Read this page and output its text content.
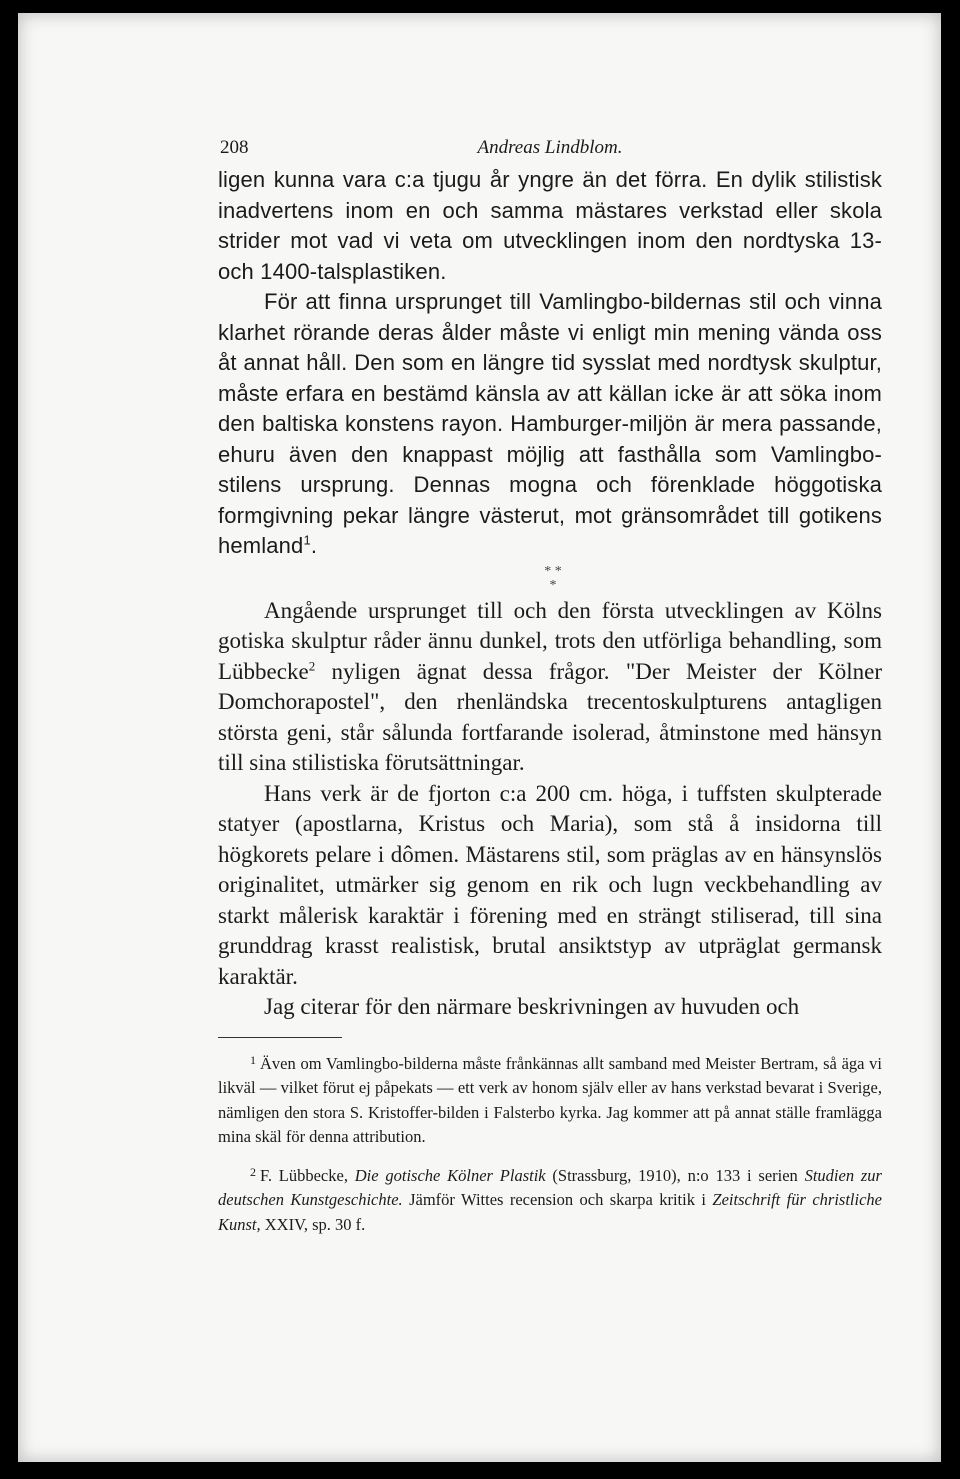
208	Andreas Lindblom.

ligen kunna vara c:a tjugu år yngre än det förra. En dylik stilistisk inadvertens inom en och samma mästares verkstad eller skola strider mot vad vi veta om utvecklingen inom den nordtyska 13- och 1400-talsplastiken.

För att finna ursprunget till Vamlingbo-bildernas stil och vinna klarhet rörande deras ålder måste vi enligt min mening vända oss åt annat håll. Den som en längre tid sysslat med nordtysk skulptur, måste erfara en bestämd känsla av att källan icke är att söka inom den baltiska konstens rayon. Hamburger-miljön är mera passande, ehuru även den knappast möjlig att fasthålla som Vamlingbo-stilens ursprung. Dennas mogna och förenklade höggotiska formgivning pekar längre västerut, mot gränsområdet till gotikens hemland$^1$.

* *
*

Angående ursprunget till och den första utvecklingen av Kölns gotiska skulptur råder ännu dunkel, trots den utförliga behandling, som Lübbecke$^2$ nyligen ägnat dessa frågor. "Der Meister der Kölner Domchorapostel", den rhenländska trecentoskulpturens antagligen största geni, står sålunda fortfarande isolerad, åtminstone med hänsyn till sina stilistiska förutsättningar.

Hans verk är de fjorton c:a 200 cm. höga, i tuffsten skulpterade statyer (apostlarna, Kristus och Maria), som stå å insidorna till högkorets pelare i dômen. Mästarens stil, som präglas av en hänsynslös originalitet, utmärker sig genom en rik och lugn veckbehandling av starkt målerisk karaktär i förening med en strängt stiliserad, till sina grunddrag krasst realistisk, brutal ansiktstyp av utpräglat germansk karaktär.

Jag citerar för den närmare beskrivningen av huvuden och

$^1$ Även om Vamlingbo-bilderna måste frånkännas allt samband med Meister Bertram, så äga vi likväl — vilket förut ej påpekats — ett verk av honom själv eller av hans verkstad bevarat i Sverige, nämligen den stora S. Kristoffer-bilden i Falsterbo kyrka. Jag kommer att på annat ställe framlägga mina skäl för denna attribution.

$^2$ F. Lübbecke, Die gotische Kölner Plastik (Strassburg, 1910), n:o 133 i serien Studien zur deutschen Kunstgeschichte. Jämför Wittes recension och skarpa kritik i Zeitschrift für christliche Kunst, XXIV, sp. 30 f.
